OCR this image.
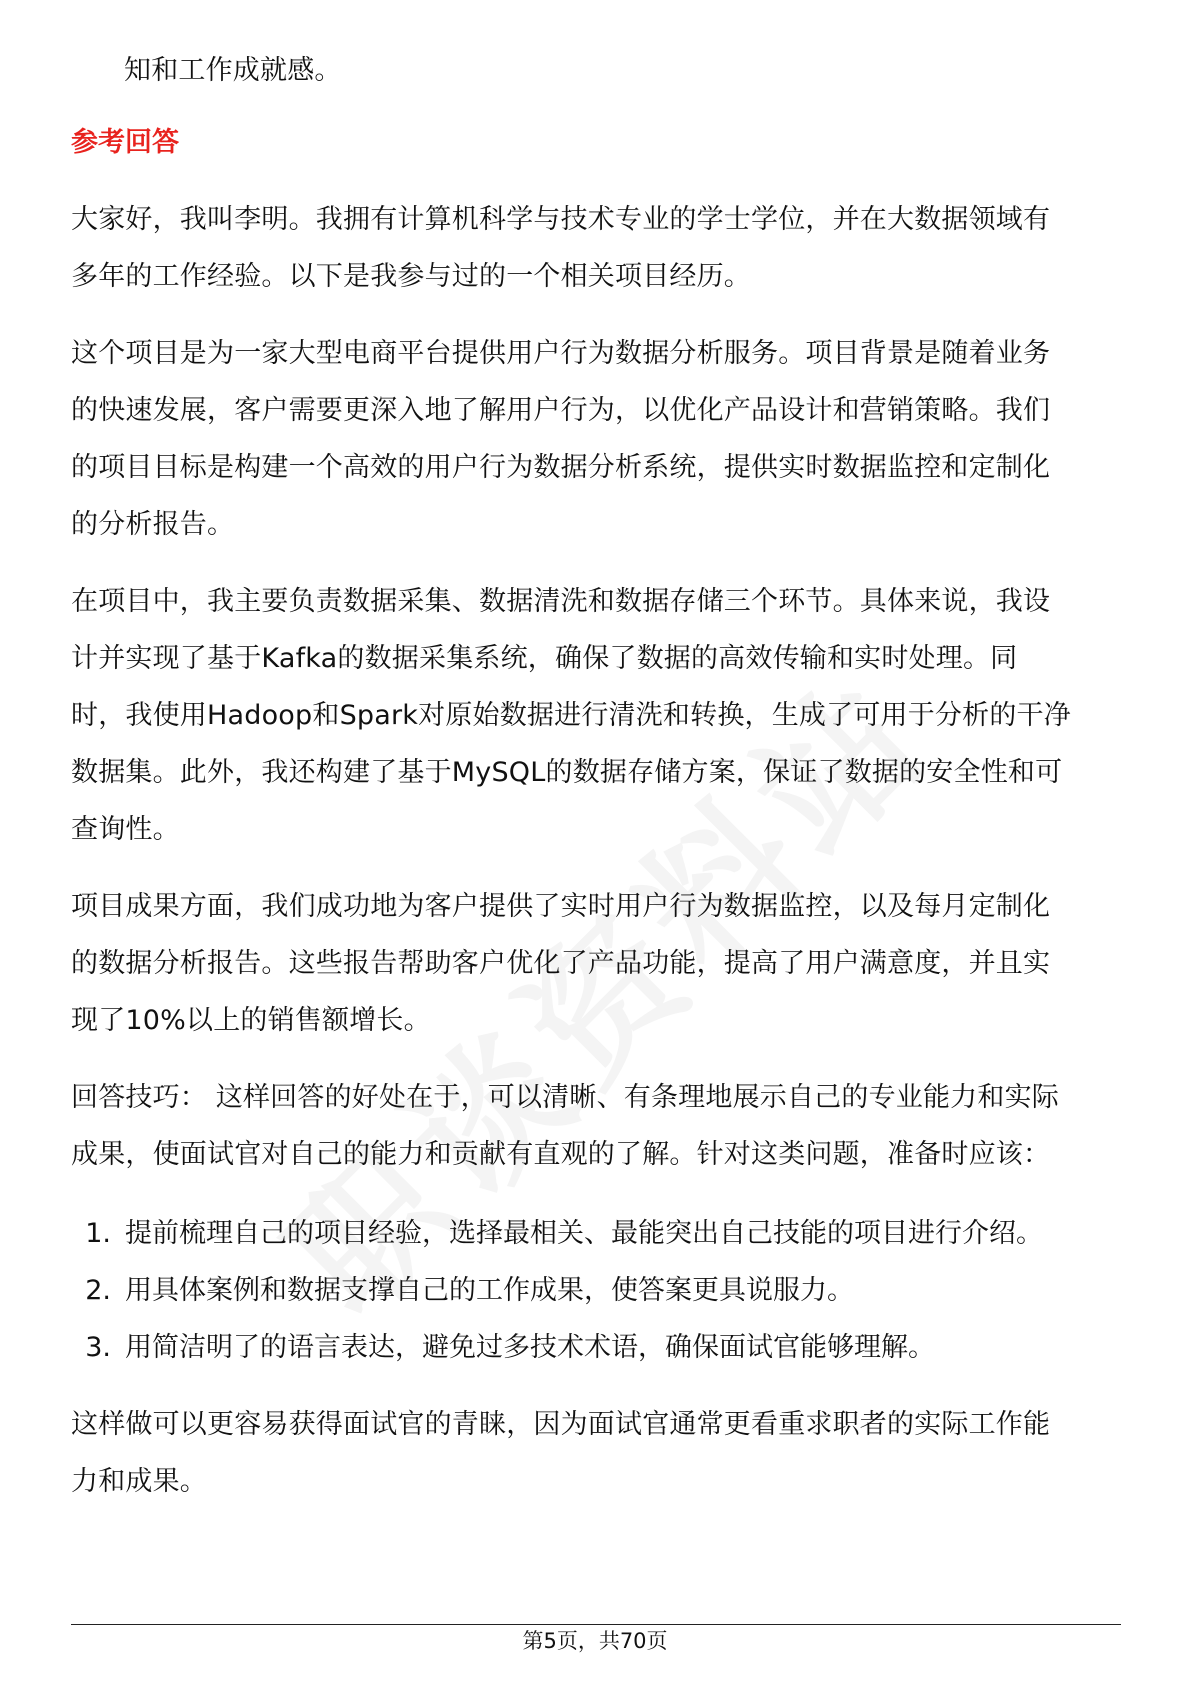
知和工作成就感。

参考回答

大家好，我叫李明。我拥有计算机科学与技术专业的学士学位，并在大数据领域有

多年的工作经验。以下是我参与过的一个相关项目经历。

这个项目是为一家大型电商平台提供用户行为数据分析服务。项目背景是随着业务

的快速发展，客户需要更深入地了解用户行为，以优化产品设计和营销策略。我们

的项目目标是构建一个高效的用户行为数据分析系统，提供实时数据监控和定制化

的分析报告。

在项目中，我主要负责数据采集、数据清洗和数据存储三个环节。具体来说，我设

计并实现了基于Kafka的数据采集系统，确保了数据的高效传输和实时处理。同

时，我使用Hadoop和Spark对原始数据进行清洗和转换，生成了可用于分析的干净

数据集。此外，我还构建了基于MySQL的数据存储方案，保证了数据的安全性和可

查询性。

项目成果方面，我们成功地为客户提供了实时用户行为数据监控，以及每月定制化

的数据分析报告。这些报告帮助客户优化了产品功能，提高了用户满意度，并且实

现了10%以上的销售额增长。

回答技巧： 这样回答的好处在于，可以清晰、有条理地展示自己的专业能力和实际

成果，使面试官对自己的能力和贡献有直观的了解。针对这类问题，准备时应该：

1. 提前梳理自己的项目经验，选择最相关、最能突出自己技能的项目进行介绍。
2. 用具体案例和数据支撑自己的工作成果，使答案更具说服力。
3. 用简洁明了的语言表达，避免过多技术术语，确保面试官能够理解。

这样做可以更容易获得面试官的青睐，因为面试官通常更看重求职者的实际工作能

力和成果。

第5页，共70页
